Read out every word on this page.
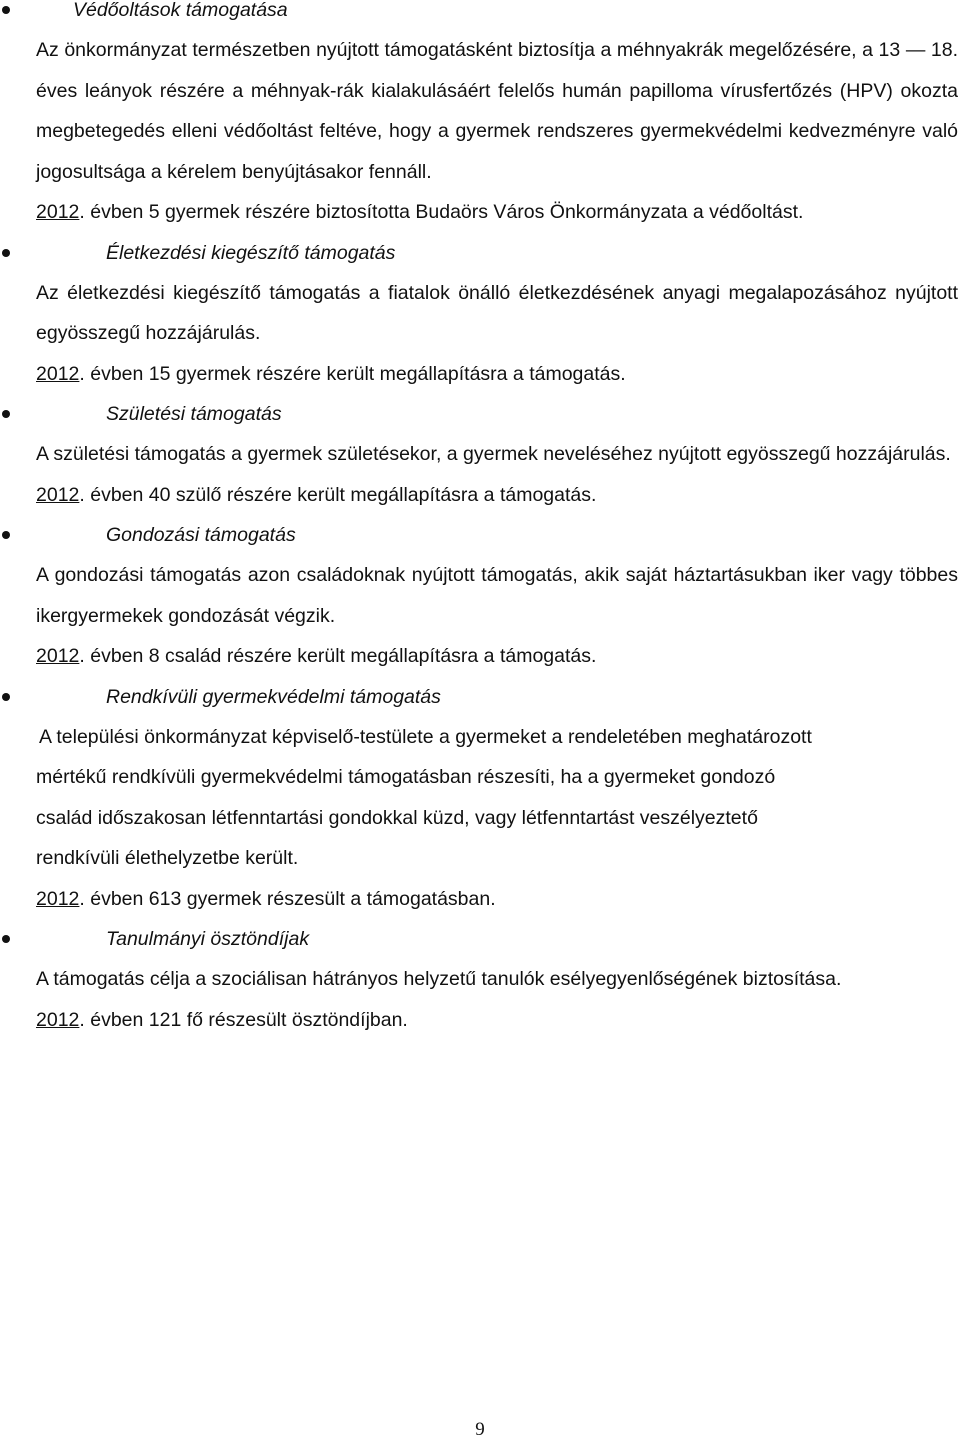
Védőoltások támogatása

Az önkormányzat természetben nyújtott támogatásként biztosítja a méhnyakrák megelőzésére, a 13 — 18. éves leányok részére a méhnyak-rák kialakulásáért felelős humán papilloma vírusfertőzés (HPV) okozta megbetegedés elleni védőoltást feltéve, hogy a gyermek rendszeres gyermekvédelmi kedvezményre való jogosultsága a kérelem benyújtásakor fennáll.

2012. évben 5 gyermek részére biztosította Budaörs Város Önkormányzata a védőoltást.

Életkezdési kiegészítő támogatás

Az életkezdési kiegészítő támogatás a fiatalok önálló életkezdésének anyagi megalapozásához nyújtott egyösszegű hozzájárulás.

2012. évben 15 gyermek részére került megállapításra a támogatás.

Születési támogatás

A születési támogatás a gyermek születésekor, a gyermek neveléséhez nyújtott egyösszegű hozzájárulás.

2012. évben 40 szülő részére került megállapításra a támogatás.

Gondozási támogatás

A gondozási támogatás azon családoknak nyújtott támogatás, akik saját háztartásukban iker vagy többes ikergyermekek gondozását végzik.

2012. évben 8 család részére került megállapításra a támogatás.

Rendkívüli gyermekvédelmi támogatás

A települési önkormányzat képviselő-testülete a gyermeket a rendeletében meghatározott mértékű rendkívüli gyermekvédelmi támogatásban részesíti, ha a gyermeket gondozó család időszakosan létfenntartási gondokkal küzd, vagy létfenntartást veszélyeztető rendkívüli élethelyzetbe került.

2012. évben 613 gyermek részesült a támogatásban.

Tanulmányi ösztöndíjak

A támogatás célja a szociálisan hátrányos helyzetű tanulók esélyegyenlőségének biztosítása.

2012. évben 121 fő részesült ösztöndíjban.

9
